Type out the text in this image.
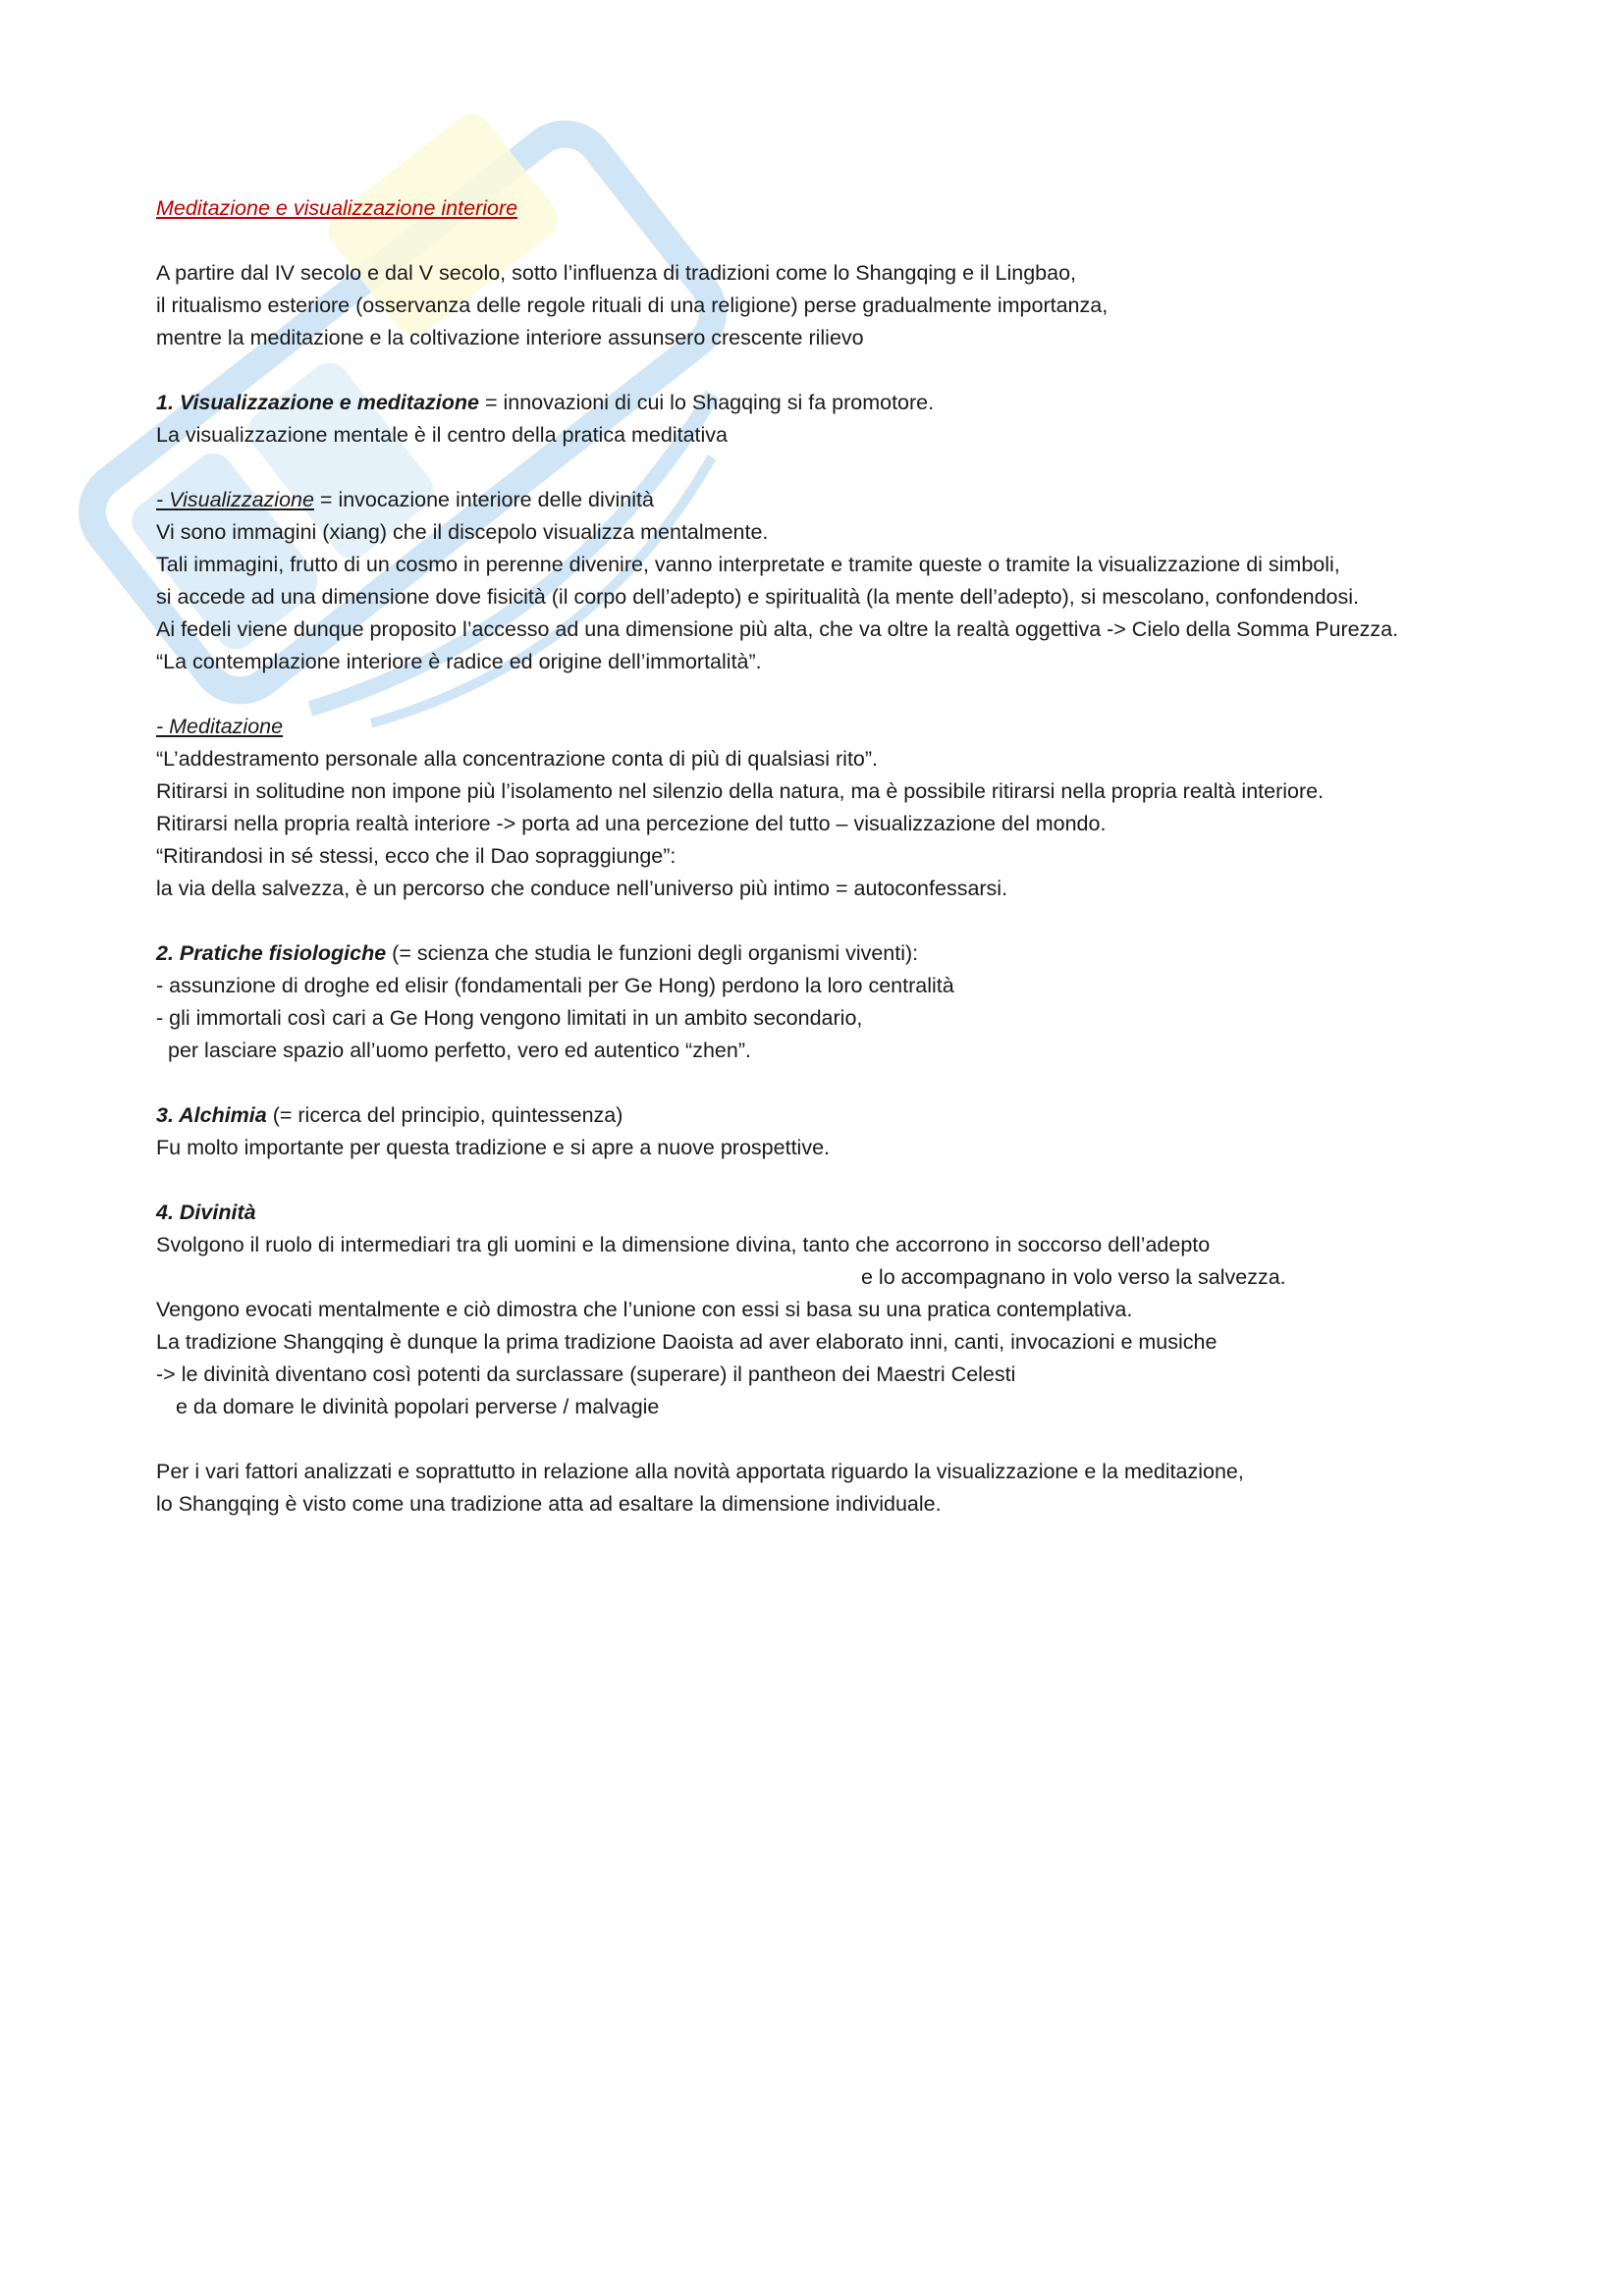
Meditazione e visualizzazione interiore
A partire dal IV secolo e dal V secolo, sotto l’influenza di tradizioni come lo Shangqing e il Lingbao,
il ritualismo esteriore (osservanza delle regole rituali di una religione) perse gradualmente importanza,
mentre la meditazione e la coltivazione interiore assunsero crescente rilievo
1. Visualizzazione e meditazione = innovazioni di cui lo Shagqing si fa promotore.
La visualizzazione mentale è il centro della pratica meditativa
- Visualizzazione = invocazione interiore delle divinità
Vi sono immagini (xiang) che il discepolo visualizza mentalmente.
Tali immagini, frutto di un cosmo in perenne divenire, vanno interpretate e tramite queste o tramite la visualizzazione di simboli,
si accede ad una dimensione dove fisicità (il corpo dell’adepto) e spiritualità (la mente dell’adepto), si mescolano, confondendosi.
Ai fedeli viene dunque proposito l’accesso ad una dimensione più alta, che va oltre la realtà oggettiva -> Cielo della Somma Purezza.
“La contemplazione interiore è radice ed origine dell’immortalità”.
- Meditazione
“L’addestramento personale alla concentrazione conta di più di qualsiasi rito”.
Ritirarsi in solitudine non impone più l’isolamento nel silenzio della natura, ma è possibile ritirarsi nella propria realtà interiore.
Ritirarsi nella propria realtà interiore -> porta ad una percezione del tutto – visualizzazione del mondo.
“Ritirandosi in sé stessi, ecco che il Dao sopraggiunge”:
la via della salvezza, è un percorso che conduce nell’universo più intimo = autoconfessarsi.
2. Pratiche fisiologiche (= scienza che studia le funzioni degli organismi viventi):
- assunzione di droghe ed elisir (fondamentali per Ge Hong) perdono la loro centralità
- gli immortali così cari a Ge Hong vengono limitati in un ambito secondario,
per lasciare spazio all’uomo perfetto, vero ed autentico “zhen”.
3. Alchimia (= ricerca del principio, quintessenza)
Fu molto importante per questa tradizione e si apre a nuove prospettive.
4. Divinità
Svolgono il ruolo di intermediari tra gli uomini e la dimensione divina, tanto che accorrono in soccorso dell’adepto
e lo accompagnano in volo verso la salvezza.
Vengono evocati mentalmente e ciò dimostra che l’unione con essi si basa su una pratica contemplativa.
La tradizione Shangqing è dunque la prima tradizione Daoista ad aver elaborato inni, canti, invocazioni e musiche
-> le divinità diventano così potenti da surclassare (superare) il pantheon dei Maestri Celesti
e da domare le divinità popolari perverse / malvagie
Per i vari fattori analizzati e soprattutto in relazione alla novità apportata riguardo la visualizzazione e la meditazione,
lo Shangqing è visto come una tradizione atta ad esaltare la dimensione individuale.
